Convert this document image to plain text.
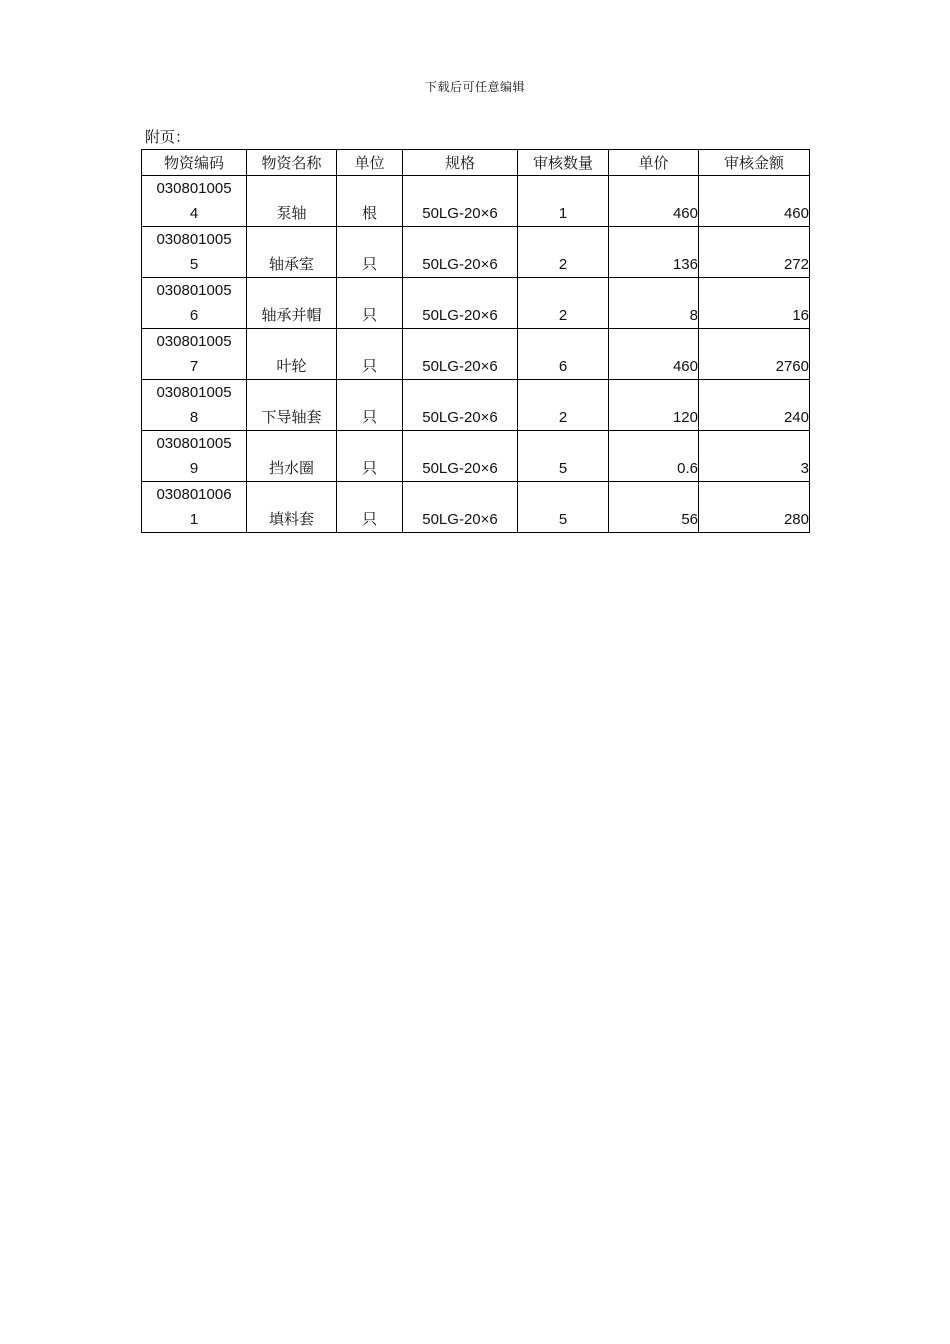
下载后可任意编辑
附页：
物资编码	物资名称	单位	规格	审核数量	单价	审核金额

030801005
4	泵轴	根	50LG-20×6	1	460	460

030801005
5	轴承室	只	50LG-20×6	2	136	272

030801005
6	轴承并帽	只	50LG-20×6	2	8	16

030801005
7	叶轮	只	50LG-20×6	6	460	2760

030801005
8	下导轴套	只	50LG-20×6	2	120	240

030801005
9	挡水圈	只	50LG-20×6	5	0.6	3

030801006
1	填料套	只	50LG-20×6	5	56	280
